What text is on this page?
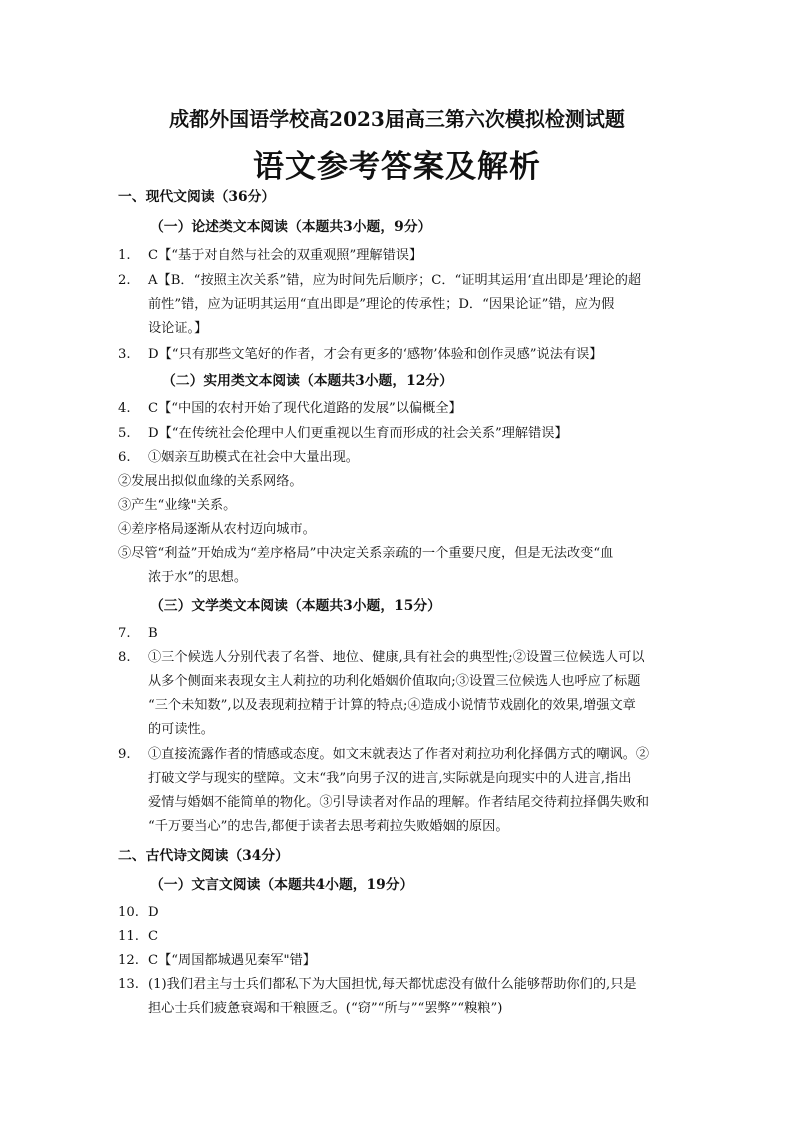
成都外国语学校高2023届高三第六次模拟检测试题
语文参考答案及解析
一、现代文阅读（36分）
（一）论述类文本阅读（本题共3小题，9分）
1.	C【“基于对自然与社会的双重观照”理解错误】
2.	A【B．“按照主次关系”错，应为时间先后顺序；C．“证明其运用‘直出即是’理论的超
前性”错，应为证明其运用“直出即是”理论的传承性；D．“因果论证”错，应为假
设论证。】
3.	D【“只有那些文笔好的作者，才会有更多的‘感物’体验和创作灵感”说法有误】
（二）实用类文本阅读（本题共3小题，12分）
4.	C【“中国的农村开始了现代化道路的发展”以偏概全】
5.	D【“在传统社会伦理中人们更重视以生育而形成的社会关系”理解错误】
6.	①姻亲互助模式在社会中大量出现。
②发展出拟似血缘的关系网络。
③产生“业缘"关系。
④差序格局逐渐从农村迈向城市。
⑤尽管“利益”开始成为“差序格局”中决定关系亲疏的一个重要尺度，但是无法改变“血
浓于水”的思想。
（三）文学类文本阅读（本题共3小题，15分）
7.	B
8.	①三个候选人分别代表了名誉、地位、健康,具有社会的典型性;②设置三位候选人可以
从多个侧面来表现女主人莉拉的功利化婚姻价值取向;③设置三位候选人也呼应了标题
“三个未知数”,以及表现莉拉精于计算的特点;④造成小说情节戏剧化的效果,增强文章
的可读性。
9.	①直接流露作者的情感或态度。如文末就表达了作者对莉拉功利化择偶方式的嘲讽。②
打破文学与现实的壁障。文末“我”向男子汉的进言,实际就是向现实中的人进言,指出
爱情与婚姻不能简单的物化。③引导读者对作品的理解。作者结尾交待莉拉择偶失败和
“千万要当心”的忠告,都便于读者去思考莉拉失败婚姻的原因。
二、古代诗文阅读（34分）
（一）文言文阅读（本题共4小题，19分）
10. D
11. C
12. C【“周国都城遇见秦军"错】
13. (1)我们君主与士兵们都私下为大国担忧,每天都忧虑没有做什么能够帮助你们的,只是
担心士兵们疲惫衰竭和干粮匮乏。(“窃”“所与”“罢弊”“糗粮”)
